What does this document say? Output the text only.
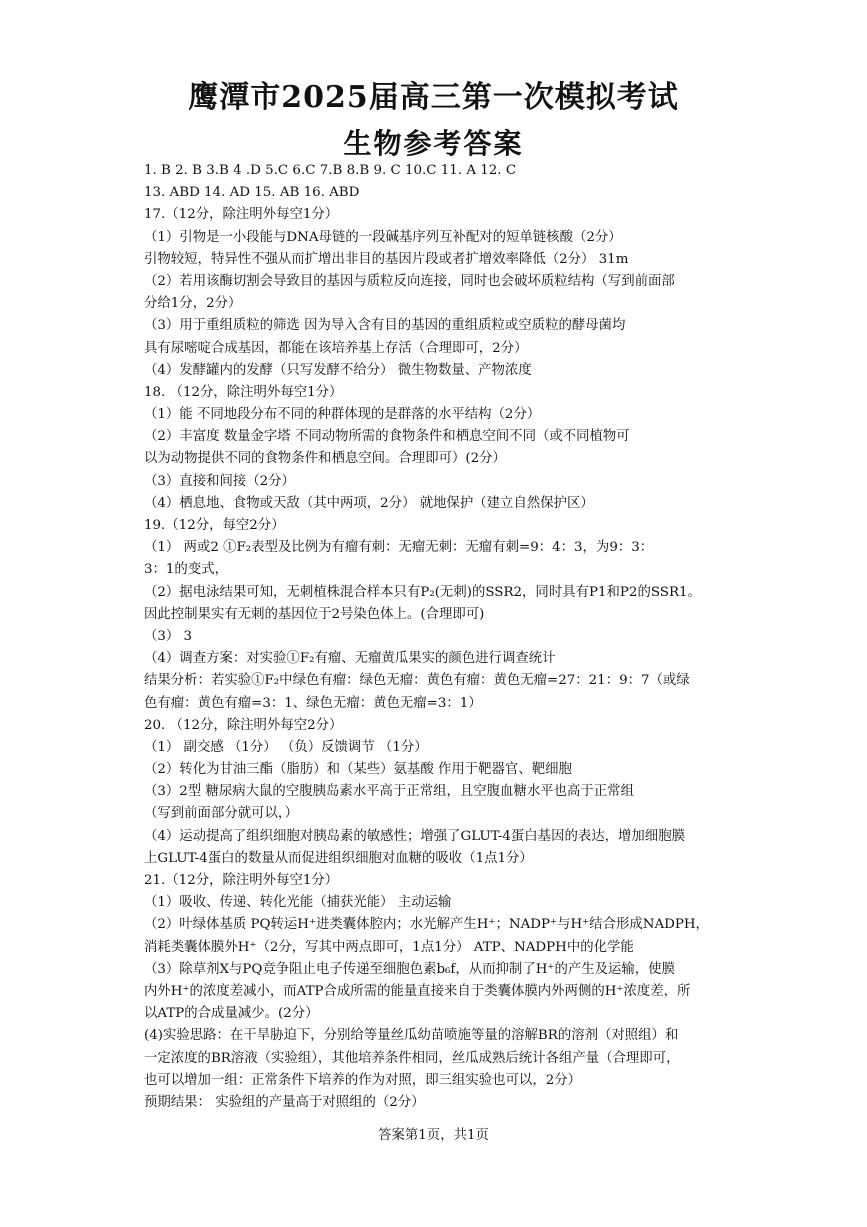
鹰潭市2025届高三第一次模拟考试
生物参考答案
1. B 2. B 3.B 4 .D 5.C 6.C 7.B 8.B 9. C 10.C 11. A 12. C
13. ABD 14. AD 15. AB 16. ABD
17.（12分，除注明外每空1分）
（1）引物是一小段能与DNA母链的一段碱基序列互补配对的短单链核酸（2分）
引物较短，特异性不强从而扩增出非目的基因片段或者扩增效率降低（2分） 31m
（2）若用该酶切割会导致目的基因与质粒反向连接，同时也会破坏质粒结构（写到前面部
分给1分，2分）
（3）用于重组质粒的筛选 因为导入含有目的基因的重组质粒或空质粒的酵母菌均
具有尿嘧啶合成基因，都能在该培养基上存活（合理即可，2分）
（4）发酵罐内的发酵（只写发酵不给分） 微生物数量、产物浓度
18. （12分，除注明外每空1分）
（1）能 不同地段分布不同的种群体现的是群落的水平结构（2分）
（2）丰富度 数量金字塔 不同动物所需的食物条件和栖息空间不同（或不同植物可
以为动物提供不同的食物条件和栖息空间。合理即可）(2分）
（3）直接和间接（2分）
（4）栖息地、食物或天敌（其中两项，2分） 就地保护（建立自然保护区）
19.（12分，每空2分）
（1） 两或2 ①F₂表型及比例为有瘤有刺：无瘤无刺：无瘤有刺=9：4：3，为9：3：
3：1的变式，
（2）据电泳结果可知，无刺植株混合样本只有P₂(无刺)的SSR2，同时具有P1和P2的SSR1。
因此控制果实有无刺的基因位于2号染色体上。(合理即可)
（3） 3
（4）调查方案：对实验①F₂有瘤、无瘤黄瓜果实的颜色进行调查统计
结果分析：若实验①F₂中绿色有瘤：绿色无瘤：黄色有瘤：黄色无瘤=27：21：9：7（或绿
色有瘤：黄色有瘤=3：1、绿色无瘤：黄色无瘤=3：1）
20. （12分，除注明外每空2分）
（1） 副交感 （1分） （负）反馈调节 （1分）
（2）转化为甘油三酯（脂肪）和（某些）氨基酸 作用于靶器官、靶细胞
（3）2型 糖尿病大鼠的空腹胰岛素水平高于正常组，且空腹血糖水平也高于正常组
（写到前面部分就可以，）
（4）运动提高了组织细胞对胰岛素的敏感性；增强了GLUT-4蛋白基因的表达，增加细胞膜
上GLUT-4蛋白的数量从而促进组织细胞对血糖的吸收（1点1分）
21.（12分，除注明外每空1分）
（1）吸收、传递、转化光能（捕获光能） 主动运输
（2）叶绿体基质 PQ转运H⁺进类囊体腔内；水光解产生H⁺；NADP⁺与H⁺结合形成NADPH，
消耗类囊体膜外H⁺（2分，写其中两点即可，1点1分） ATP、NADPH中的化学能
（3）除草剂X与PQ竞争阻止电子传递至细胞色素b₆f，从而抑制了H⁺的产生及运输，使膜
内外H⁺的浓度差减小，而ATP合成所需的能量直接来自于类囊体膜内外两侧的H⁺浓度差，所
以ATP的合成量减少。(2分）
(4)实验思路：在干旱胁迫下，分别给等量丝瓜幼苗喷施等量的溶解BR的溶剂（对照组）和
一定浓度的BR溶液（实验组），其他培养条件相同，丝瓜成熟后统计各组产量（合理即可，
也可以增加一组：正常条件下培养的作为对照，即三组实验也可以，2分）
预期结果： 实验组的产量高于对照组的（2分）
答案第1页，共1页
